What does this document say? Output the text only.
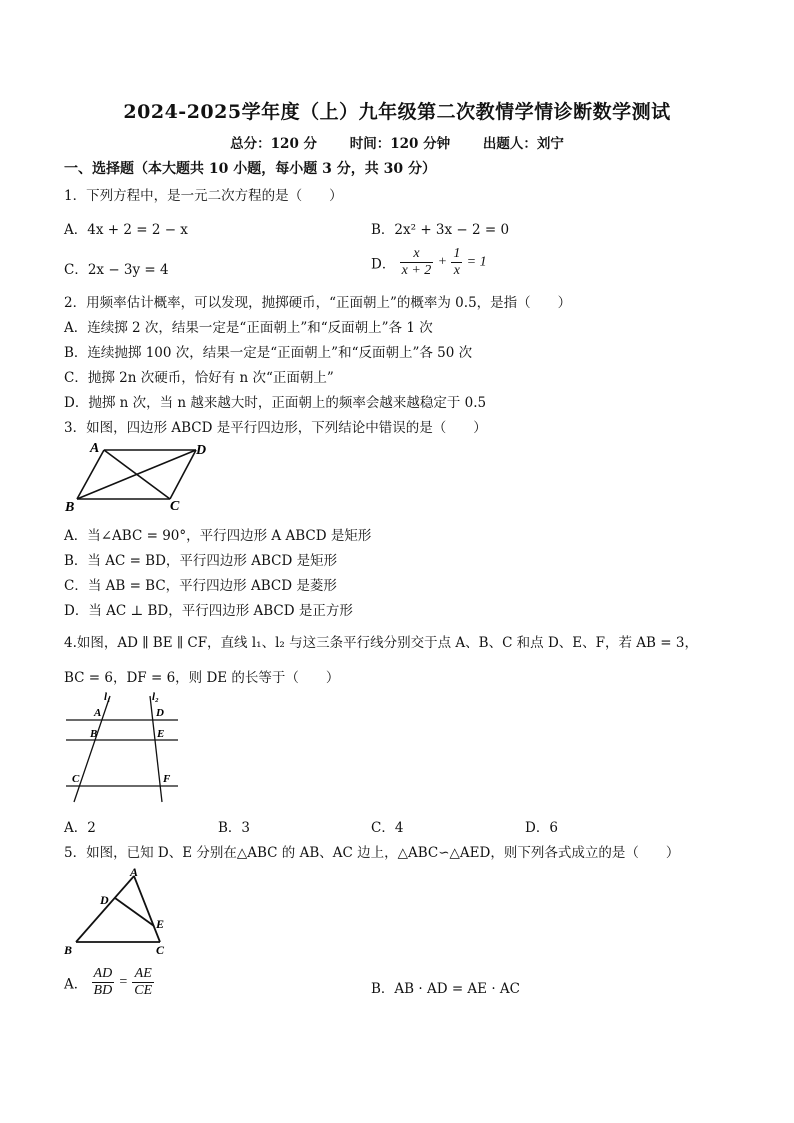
2024-2025学年度（上）九年级第二次教情学情诊断数学测试
总分：120 分 时间：120 分钟 出题人：刘宁
一、选择题（本大题共 10 小题，每小题 3 分，共 30 分）
1．下列方程中，是一元二次方程的是（　　）
A．4x + 2 = 2 − x	B．2x² + 3x − 2 = 0
C．2x − 3y = 4	D． $\frac{x}{x + 2} + \frac{1}{x} = 1$
2．用频率估计概率，可以发现，抛掷硬币，“正面朝上”的概率为 0.5，是指（　　）
A．连续掷 2 次，结果一定是“正面朝上”和“反面朝上”各 1 次
B．连续抛掷 100 次，结果一定是“正面朝上”和“反面朝上”各 50 次
C．抛掷 2n 次硬币，恰好有 n 次“正面朝上”
D．抛掷 n 次，当 n 越来越大时，正面朝上的频率会越来越稳定于 0.5
3．如图，四边形 ABCD 是平行四边形，下列结论中错误的是（　　）
A	D
B	C
A．当∠ABC = 90°，平行四边形 A ABCD 是矩形
B．当 AC = BD，平行四边形 ABCD 是矩形
C．当 AB = BC，平行四边形 ABCD 是菱形
D．当 AC ⊥ BD，平行四边形 ABCD 是正方形
4.如图，AD ∥ BE ∥ CF，直线 l₁、l₂ 与这三条平行线分别交于点 A、B、C 和点 D、E、F，若 AB = 3，
BC = 6，DF = 6，则 DE 的长等于（　　）
l₁	l₂
A	D
B	E
C	F
A．2	B．3	C．4	D．6
5．如图，已知 D、E 分别在△ABC 的 AB、AC 边上，△ABC∽△AED，则下列各式成立的是（　　）
A
D
E
B	C
A． $\frac{AD}{BD} = \frac{AE}{CE}$	B．AB · AD = AE · AC
